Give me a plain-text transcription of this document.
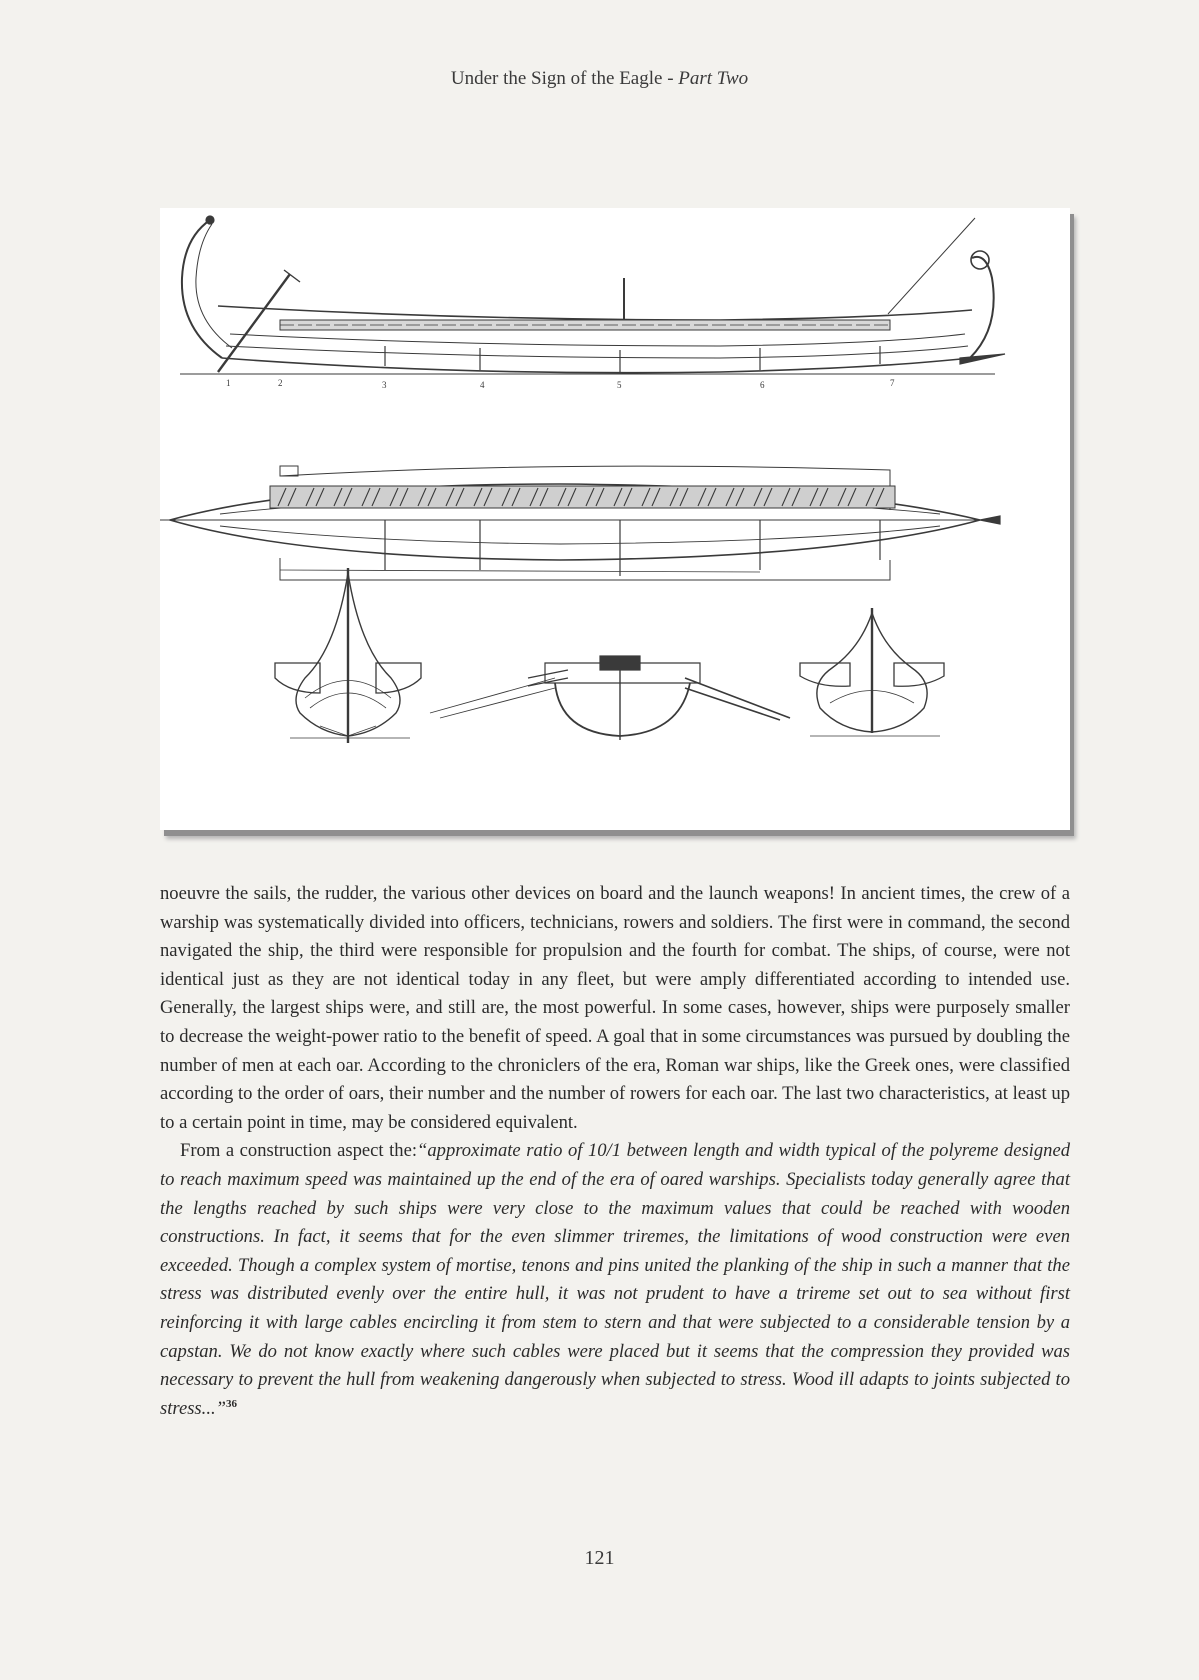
Under the Sign of the Eagle - Part Two
1	2	3	4	5	6	7

noeuvre the sails, the rudder, the various other devices on board and the launch weapons! In ancient times, the crew of a warship was systematically divided into officers, technicians, rowers and soldiers. The first were in command, the second navigated the ship, the third were responsible for propulsion and the fourth for combat. The ships, of course, were not identical just as they are not identical today in any fleet, but were amply differentiated according to intended use. Generally, the largest ships were, and still are, the most powerful. In some cases, however, ships were purposely smaller to decrease the weight-power ratio to the benefit of speed. A goal that in some circumstances was pursued by doubling the number of men at each oar. According to the chroniclers of the era, Roman war ships, like the Greek ones, were classified according to the order of oars, their number and the number of rowers for each oar. The last two characteristics, at least up to a certain point in time, may be considered equivalent.

From a construction aspect the:“approximate ratio of 10/1 between length and width typical of the polyreme designed to reach maximum speed was maintained up the end of the era of oared warships. Specialists today generally agree that the lengths reached by such ships were very close to the maximum values that could be reached with wooden constructions. In fact, it seems that for the even slimmer triremes, the limitations of wood construction were even exceeded. Though a complex system of mortise, tenons and pins united the planking of the ship in such a manner that the stress was distributed evenly over the entire hull, it was not prudent to have a trireme set out to sea without first reinforcing it with large cables encircling it from stem to stern and that were subjected to a considerable tension by a capstan. We do not know exactly where such cables were placed but it seems that the compression they provided was necessary to prevent the hull from weakening dangerously when subjected to stress. Wood ill adapts to joints subjected to stress...”$^{36}$

121
